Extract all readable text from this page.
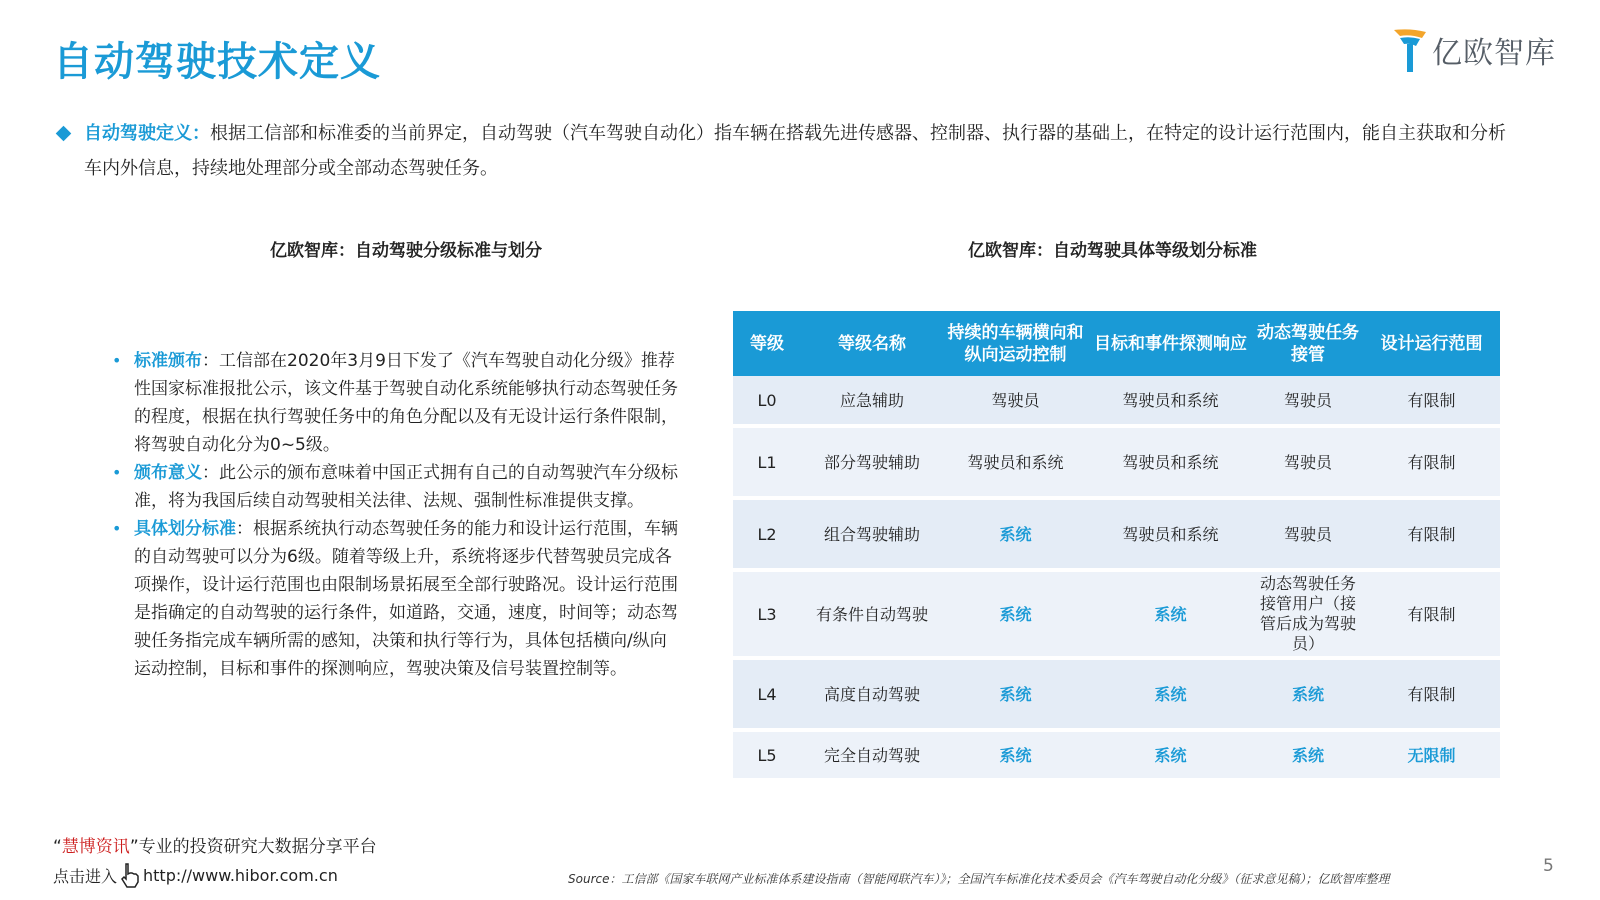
自动驾驶技术定义	亿欧智库
自动驾驶定义：根据工信部和标准委的当前界定，自动驾驶（汽车驾驶自动化）指车辆在搭载先进传感器、控制器、执行器的基础上，在特定的设计运行范围内，能自主获取和分析车内外信息，持续地处理部分或全部动态驾驶任务。
亿欧智库：自动驾驶分级标准与划分	亿欧智库：自动驾驶具体等级划分标准
• 标准颁布：工信部在2020年3月9日下发了《汽车驾驶自动化分级》推荐性国家标准报批公示，该文件基于驾驶自动化系统能够执行动态驾驶任务的程度，根据在执行驾驶任务中的角色分配以及有无设计运行条件限制，将驾驶自动化分为0~5级。
• 颁布意义：此公示的颁布意味着中国正式拥有自己的自动驾驶汽车分级标准，将为我国后续自动驾驶相关法律、法规、强制性标准提供支撑。
• 具体划分标准：根据系统执行动态驾驶任务的能力和设计运行范围，车辆的自动驾驶可以分为6级。随着等级上升，系统将逐步代替驾驶员完成各项操作，设计运行范围也由限制场景拓展至全部行驶路况。设计运行范围是指确定的自动驾驶的运行条件，如道路，交通，速度，时间等；动态驾驶任务指完成车辆所需的感知，决策和执行等行为，具体包括横向/纵向运动控制，目标和事件的探测响应，驾驶决策及信号装置控制等。
等级	等级名称	持续的车辆横向和纵向运动控制	目标和事件探测响应	动态驾驶任务接管	设计运行范围
L0	应急辅助	驾驶员	驾驶员和系统	驾驶员	有限制
L1	部分驾驶辅助	驾驶员和系统	驾驶员和系统	驾驶员	有限制
L2	组合驾驶辅助	系统	驾驶员和系统	驾驶员	有限制
L3	有条件自动驾驶	系统	系统	动态驾驶任务接管用户（接管后成为驾驶员）	有限制
L4	高度自动驾驶	系统	系统	系统	有限制
L5	完全自动驾驶	系统	系统	系统	无限制
“慧博资讯”专业的投资研究大数据分享平台
点击进入 http://www.hibor.com.cn	Source：工信部《国家车联网产业标准体系建设指南（智能网联汽车）》；全国汽车标准化技术委员会《汽车驾驶自动化分级》（征求意见稿）；亿欧智库整理
5
